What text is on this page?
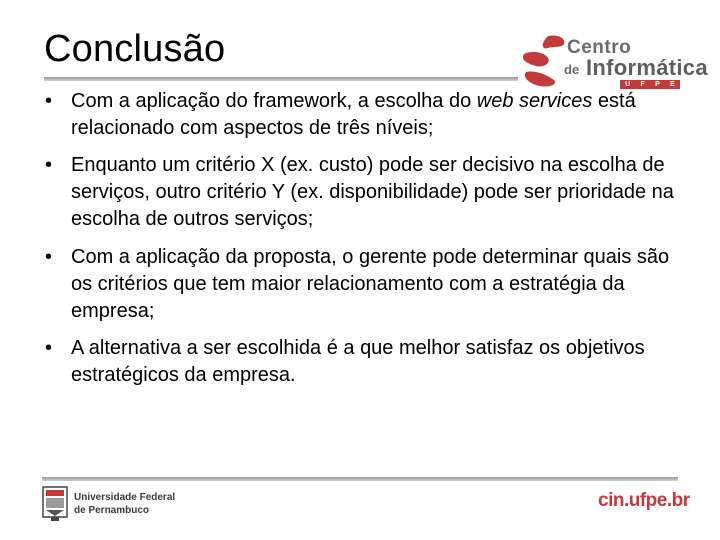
Conclusão	Centro
de Informática
U F P E
• Com a aplicação do framework, a escolha do web services está relacionado com aspectos de três níveis;
• Enquanto um critério X (ex. custo) pode ser decisivo na escolha de serviços, outro critério Y (ex. disponibilidade) pode ser prioridade na escolha de outros serviços;
• Com a aplicação da proposta, o gerente pode determinar quais são os critérios que tem maior relacionamento com a estratégia da empresa;
• A alternativa a ser escolhida é a que melhor satisfaz os objetivos estratégicos da empresa.
Universidade Federal
de Pernambuco	cin.ufpe.br
